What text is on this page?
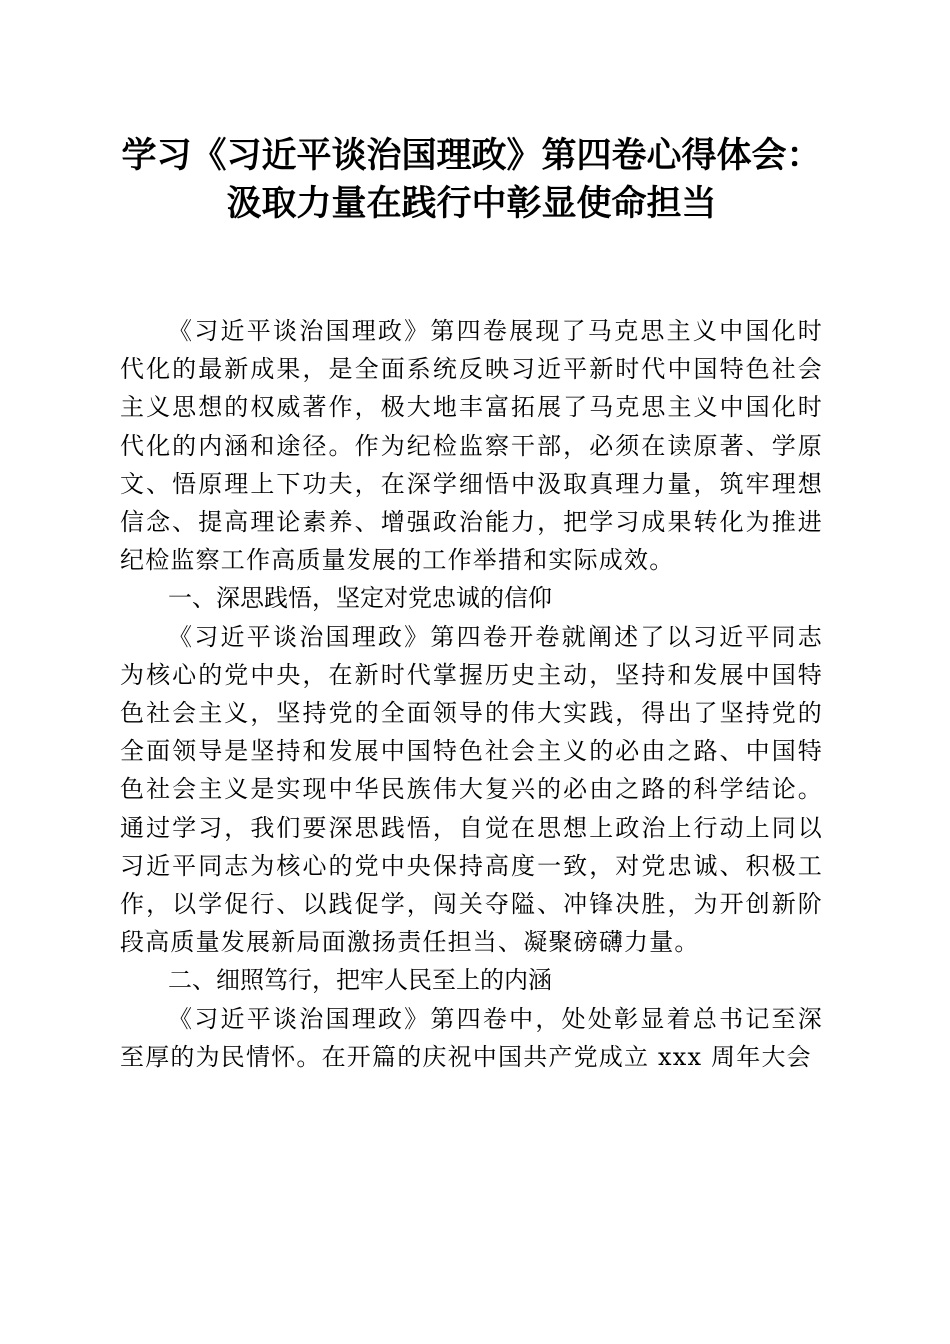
学习《习近平谈治国理政》第四卷心得体会：
汲取力量在践行中彰显使命担当

《习近平谈治国理政》第四卷展现了马克思主义中国化时代化的最新成果，是全面系统反映习近平新时代中国特色社会主义思想的权威著作，极大地丰富拓展了马克思主义中国化时代化的内涵和途径。作为纪检监察干部，必须在读原著、学原文、悟原理上下功夫，在深学细悟中汲取真理力量，筑牢理想信念、提高理论素养、增强政治能力，把学习成果转化为推进纪检监察工作高质量发展的工作举措和实际成效。

一、深思践悟，坚定对党忠诚的信仰

《习近平谈治国理政》第四卷开卷就阐述了以习近平同志为核心的党中央，在新时代掌握历史主动，坚持和发展中国特色社会主义，坚持党的全面领导的伟大实践，得出了坚持党的全面领导是坚持和发展中国特色社会主义的必由之路、中国特色社会主义是实现中华民族伟大复兴的必由之路的科学结论。通过学习，我们要深思践悟，自觉在思想上政治上行动上同以习近平同志为核心的党中央保持高度一致，对党忠诚、积极工作，以学促行、以践促学，闯关夺隘、冲锋决胜，为开创新阶段高质量发展新局面激扬责任担当、凝聚磅礴力量。

二、细照笃行，把牢人民至上的内涵

《习近平谈治国理政》第四卷中，处处彰显着总书记至深至厚的为民情怀。在开篇的庆祝中国共产党成立 xxx 周年大会
